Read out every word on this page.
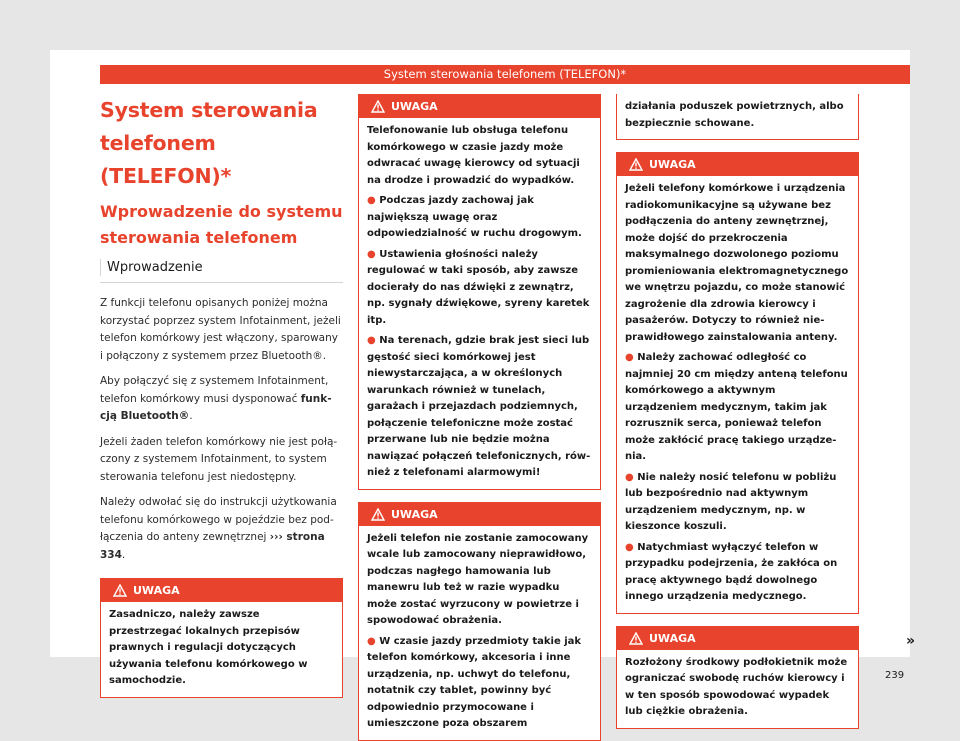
System sterowania telefonem (TELEFON)*
System sterowania telefonem (TELEFON)*
Wprowadzenie do systemu sterowania telefonem
Wprowadzenie

Z funkcji telefonu opisanych poniżej można korzystać poprzez system Infotainment, jeżeli telefon komórkowy jest włączony, sparowany i połączony z systemem przez Bluetooth®.

Aby połączyć się z systemem Infotainment, telefon komórkowy musi dysponować funkcją Bluetooth®.

Jeżeli żaden telefon komórkowy nie jest połączony z systemem Infotainment, to system sterowania telefonu jest niedostępny.

Należy odwołać się do instrukcji użytkowania telefonu komórkowego w pojeździe bez podłączenia do anteny zewnętrznej ››› strona 334.

UWAGA

Zasadniczo, należy zawsze przestrzegać lokalnych przepisów prawnych i regulacji dotyczących używania telefonu komórkowego w samochodzie.

UWAGA

Telefonowanie lub obsługa telefonu komórkowego w czasie jazdy może odwracać uwagę kierowcy od sytuacji na drodze i prowadzić do wypadków.

● Podczas jazdy zachowaj jak największą uwagę oraz odpowiedzialność w ruchu drogowym.

● Ustawienia głośności należy regulować w taki sposób, aby zawsze docierały do nas dźwięki z zewnątrz, np. sygnały dźwiękowe, syreny karetek itp.

● Na terenach, gdzie brak jest sieci lub gęstość sieci komórkowej jest niewystarczająca, a w określonych warunkach również w tunelach, garażach i przejazdach podziemnych, połączenie telefoniczne może zostać przerwane lub nie będzie można nawiązać połączeń telefonicznych, również z telefonami alarmowymi!

UWAGA

Jeżeli telefon nie zostanie zamocowany wcale lub zamocowany nieprawidłowo, podczas nagłego hamowania lub manewru lub też w razie wypadku może zostać wyrzucony w powietrze i spowodować obrażenia.

● W czasie jazdy przedmioty takie jak telefon komórkowy, akcesoria i inne urządzenia, np. uchwyt do telefonu, notatnik czy tablet, powinny być odpowiednio przymocowane i umieszczone poza obszarem

działania poduszek powietrznych, albo bezpiecznie schowane.

UWAGA

Jeżeli telefony komórkowe i urządzenia radiokomunikacyjne są używane bez podłączenia do anteny zewnętrznej, może dojść do przekroczenia maksymalnego dozwolonego poziomu promieniowania elektromagnetycznego we wnętrzu pojazdu, co może stanowić zagrożenie dla zdrowia kierowcy i pasażerów. Dotyczy to również nieprawidłowego zainstalowania anteny.

● Należy zachować odległość co najmniej 20 cm między anteną telefonu komórkowego a aktywnym urządzeniem medycznym, takim jak rozrusznik serca, ponieważ telefon może zakłócić pracę takiego urządzenia.

● Nie należy nosić telefonu w pobliżu lub bezpośrednio nad aktywnym urządzeniem medycznym, np. w kieszonce koszuli.

● Natychmiast wyłączyć telefon w przypadku podejrzenia, że zakłóca on pracę aktywnego bądź dowolnego innego urządzenia medycznego.

UWAGA

Rozłożony środkowy podłokietnik może ograniczać swobodę ruchów kierowcy i w ten sposób spowodować wypadek lub ciężkie obrażenia.

»
239
